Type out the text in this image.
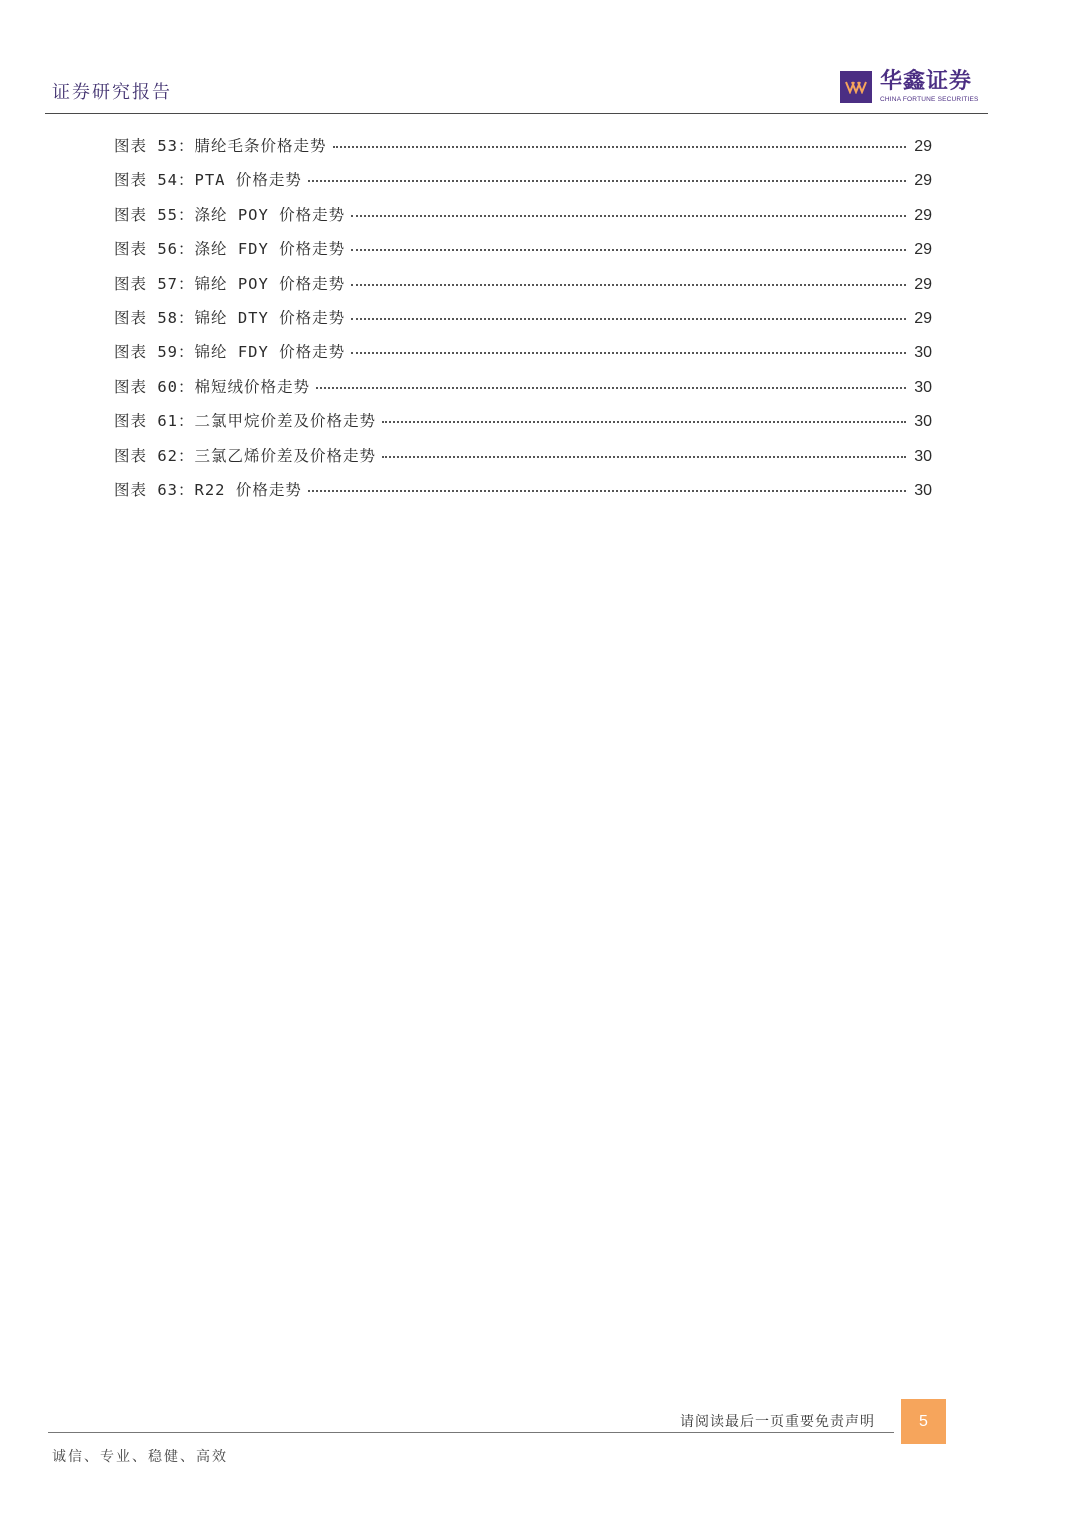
证券研究报告	华鑫证券
CHINA FORTUNE SECURITIES
图表 53：腈纶毛条价格走势	29
图表 54：PTA 价格走势	29
图表 55：涤纶 POY 价格走势	29
图表 56：涤纶 FDY 价格走势	29
图表 57：锦纶 POY 价格走势	29
图表 58：锦纶 DTY 价格走势	29
图表 59：锦纶 FDY 价格走势	30
图表 60：棉短绒价格走势	30
图表 61：二氯甲烷价差及价格走势	30
图表 62：三氯乙烯价差及价格走势	30
图表 63：R22 价格走势	30
请阅读最后一页重要免责声明	5
诚信、专业、稳健、高效
